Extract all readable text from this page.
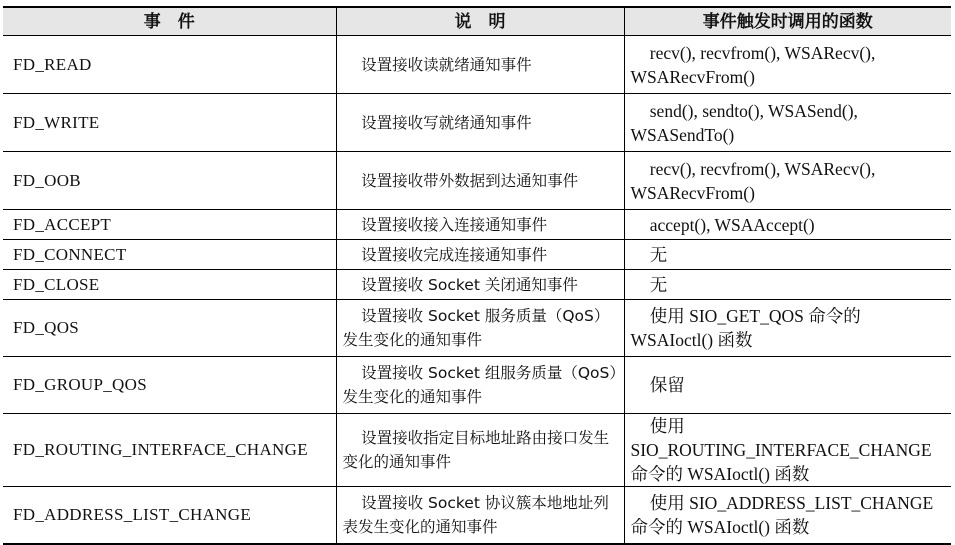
事　件	说　明	事件触发时调用的函数
FD_READ	设置接收读就绪通知事件	recv(), recvfrom(), WSARecv(), WSARecvFrom()
FD_WRITE	设置接收写就绪通知事件	send(), sendto(), WSASend(), WSASendTo()
FD_OOB	设置接收带外数据到达通知事件	recv(), recvfrom(), WSARecv(), WSARecvFrom()
FD_ACCEPT	设置接收接入连接通知事件	accept(), WSAAccept()
FD_CONNECT	设置接收完成连接通知事件	无
FD_CLOSE	设置接收 Socket 关闭通知事件	无
FD_QOS	设置接收 Socket 服务质量（QoS）发生变化的通知事件	使用 SIO_GET_QOS 命令的 WSAIoctl() 函数
FD_GROUP_QOS	设置接收 Socket 组服务质量（QoS）发生变化的通知事件	保留
FD_ROUTING_INTERFACE_CHANGE	设置接收指定目标地址路由接口发生变化的通知事件	使用 SIO_ROUTING_INTERFACE_CHANGE 命令的 WSAIoctl() 函数
FD_ADDRESS_LIST_CHANGE	设置接收 Socket 协议簇本地地址列表发生变化的通知事件	使用 SIO_ADDRESS_LIST_CHANGE 命令的 WSAIoctl() 函数
